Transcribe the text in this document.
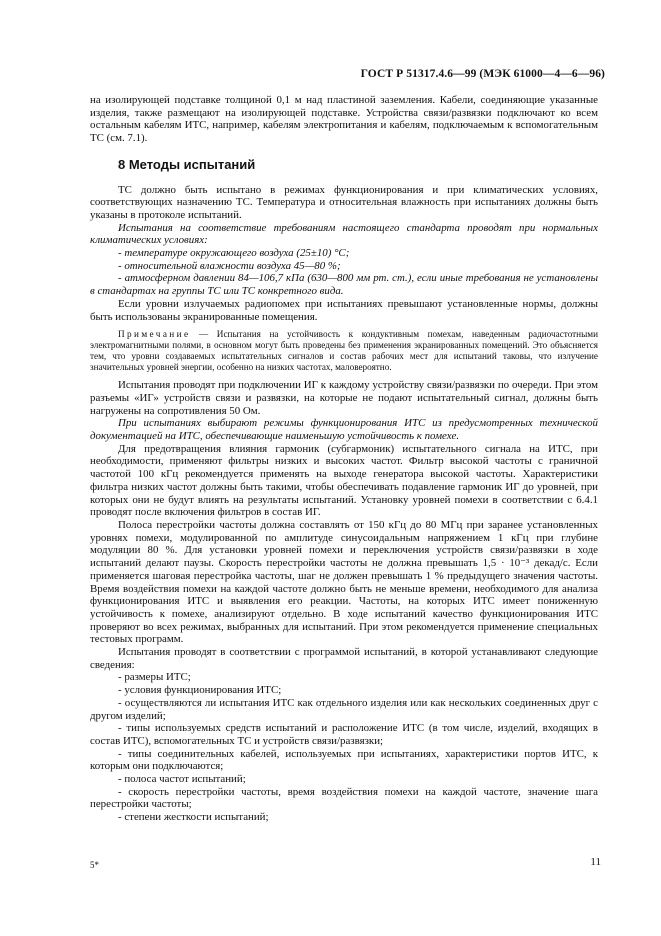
ГОСТ Р 51317.4.6—99 (МЭК 61000—4—6—96)

на изолирующей подставке толщиной 0,1 м над пластиной заземления. Кабели, соединяющие указанные изделия, также размещают на изолирующей подставке. Устройства связи/развязки подключают ко всем остальным кабелям ИТС, например, кабелям электропитания и кабелям, подключаемым к вспомогательным ТС (см. 7.1).

8 Методы испытаний

ТС должно быть испытано в режимах функционирования и при климатических условиях, соответствующих назначению ТС. Температура и относительная влажность при испытаниях должны быть указаны в протоколе испытаний.

Испытания на соответствие требованиям настоящего стандарта проводят при нормальных климатических условиях:

- температуре окружающего воздуха (25±10) °С;

- относительной влажности воздуха 45—80 %;

- атмосферном давлении 84—106,7 кПа (630—800 мм рт. ст.), если иные требования не установлены в стандартах на группы ТС или ТС конкретного вида.

Если уровни излучаемых радиопомех при испытаниях превышают установленные нормы, должны быть использованы экранированные помещения.

Примечание — Испытания на устойчивость к кондуктивным помехам, наведенным радиочастотными электромагнитными полями, в основном могут быть проведены без применения экранированных помещений. Это объясняется тем, что уровни создаваемых испытательных сигналов и состав рабочих мест для испытаний таковы, что излучение значительных уровней энергии, особенно на низких частотах, маловероятно.

Испытания проводят при подключении ИГ к каждому устройству связи/развязки по очереди. При этом разъемы «ИГ» устройств связи и развязки, на которые не подают испытательный сигнал, должны быть нагружены на сопротивления 50 Ом.

При испытаниях выбирают режимы функционирования ИТС из предусмотренных технической документацией на ИТС, обеспечивающие наименьшую устойчивость к помехе.

Для предотвращения влияния гармоник (субгармоник) испытательного сигнала на ИТС, при необходимости, применяют фильтры низких и высоких частот. Фильтр высокой частоты с граничной частотой 100 кГц рекомендуется применять на выходе генератора высокой частоты. Характеристики фильтра низких частот должны быть такими, чтобы обеспечивать подавление гармоник ИГ до уровней, при которых они не будут влиять на результаты испытаний. Установку уровней помехи в соответствии с 6.4.1 проводят после включения фильтров в состав ИГ.

Полоса перестройки частоты должна составлять от 150 кГц до 80 МГц при заранее установленных уровнях помехи, модулированной по амплитуде синусоидальным напряжением 1 кГц при глубине модуляции 80 %. Для установки уровней помехи и переключения устройств связи/развязки в ходе испытаний делают паузы. Скорость перестройки частоты не должна превышать 1,5 · 10⁻³ декад/с. Если применяется шаговая перестройка частоты, шаг не должен превышать 1 % предыдущего значения частоты. Время воздействия помехи на каждой частоте должно быть не меньше времени, необходимого для анализа функционирования ИТС и выявления его реакции. Частоты, на которых ИТС имеет пониженную устойчивость к помехе, анализируют отдельно. В ходе испытаний качество функционирования ИТС проверяют во всех режимах, выбранных для испытаний. При этом рекомендуется применение специальных тестовых программ.

Испытания проводят в соответствии с программой испытаний, в которой устанавливают следующие сведения:

- размеры ИТС;

- условия функционирования ИТС;

- осуществляются ли испытания ИТС как отдельного изделия или как нескольких соединенных друг с другом изделий;

- типы используемых средств испытаний и расположение ИТС (в том числе, изделий, входящих в состав ИТС), вспомогательных ТС и устройств связи/развязки;

- типы соединительных кабелей, используемых при испытаниях, характеристики портов ИТС, к которым они подключаются;

- полоса частот испытаний;

- скорость перестройки частоты, время воздействия помехи на каждой частоте, значение шага перестройки частоты;

- степени жесткости испытаний;

5*	11
